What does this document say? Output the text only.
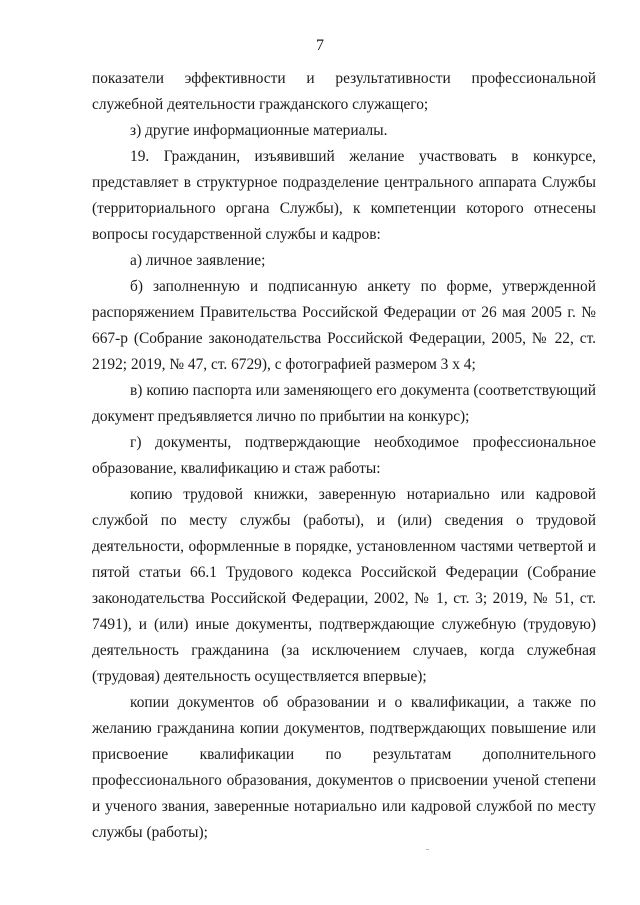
7

показатели эффективности и результативности профессиональной служебной деятельности гражданского служащего;

з) другие информационные материалы.

19. Гражданин, изъявивший желание участвовать в конкурсе, представляет в структурное подразделение центрального аппарата Службы (территориального органа Службы), к компетенции которого отнесены вопросы государственной службы и кадров:

а) личное заявление;

б) заполненную и подписанную анкету по форме, утвержденной распоряжением Правительства Российской Федерации от 26 мая 2005 г. № 667-р (Собрание законодательства Российской Федерации, 2005, № 22, ст. 2192; 2019, № 47, ст. 6729), с фотографией размером 3 х 4;

в) копию паспорта или заменяющего его документа (соответствующий документ предъявляется лично по прибытии на конкурс);

г) документы, подтверждающие необходимое профессиональное образование, квалификацию и стаж работы:

копию трудовой книжки, заверенную нотариально или кадровой службой по месту службы (работы), и (или) сведения о трудовой деятельности, оформленные в порядке, установленном частями четвертой и пятой статьи 66.1 Трудового кодекса Российской Федерации (Собрание законодательства Российской Федерации, 2002, № 1, ст. 3; 2019, № 51, ст. 7491), и (или) иные документы, подтверждающие служебную (трудовую) деятельность гражданина (за исключением случаев, когда служебная (трудовая) деятельность осуществляется впервые);

копии документов об образовании и о квалификации, а также по желанию гражданина копии документов, подтверждающих повышение или присвоение квалификации по результатам дополнительного профессионального образования, документов о присвоении ученой степени и ученого звания, заверенные нотариально или кадровой службой по месту службы (работы);
